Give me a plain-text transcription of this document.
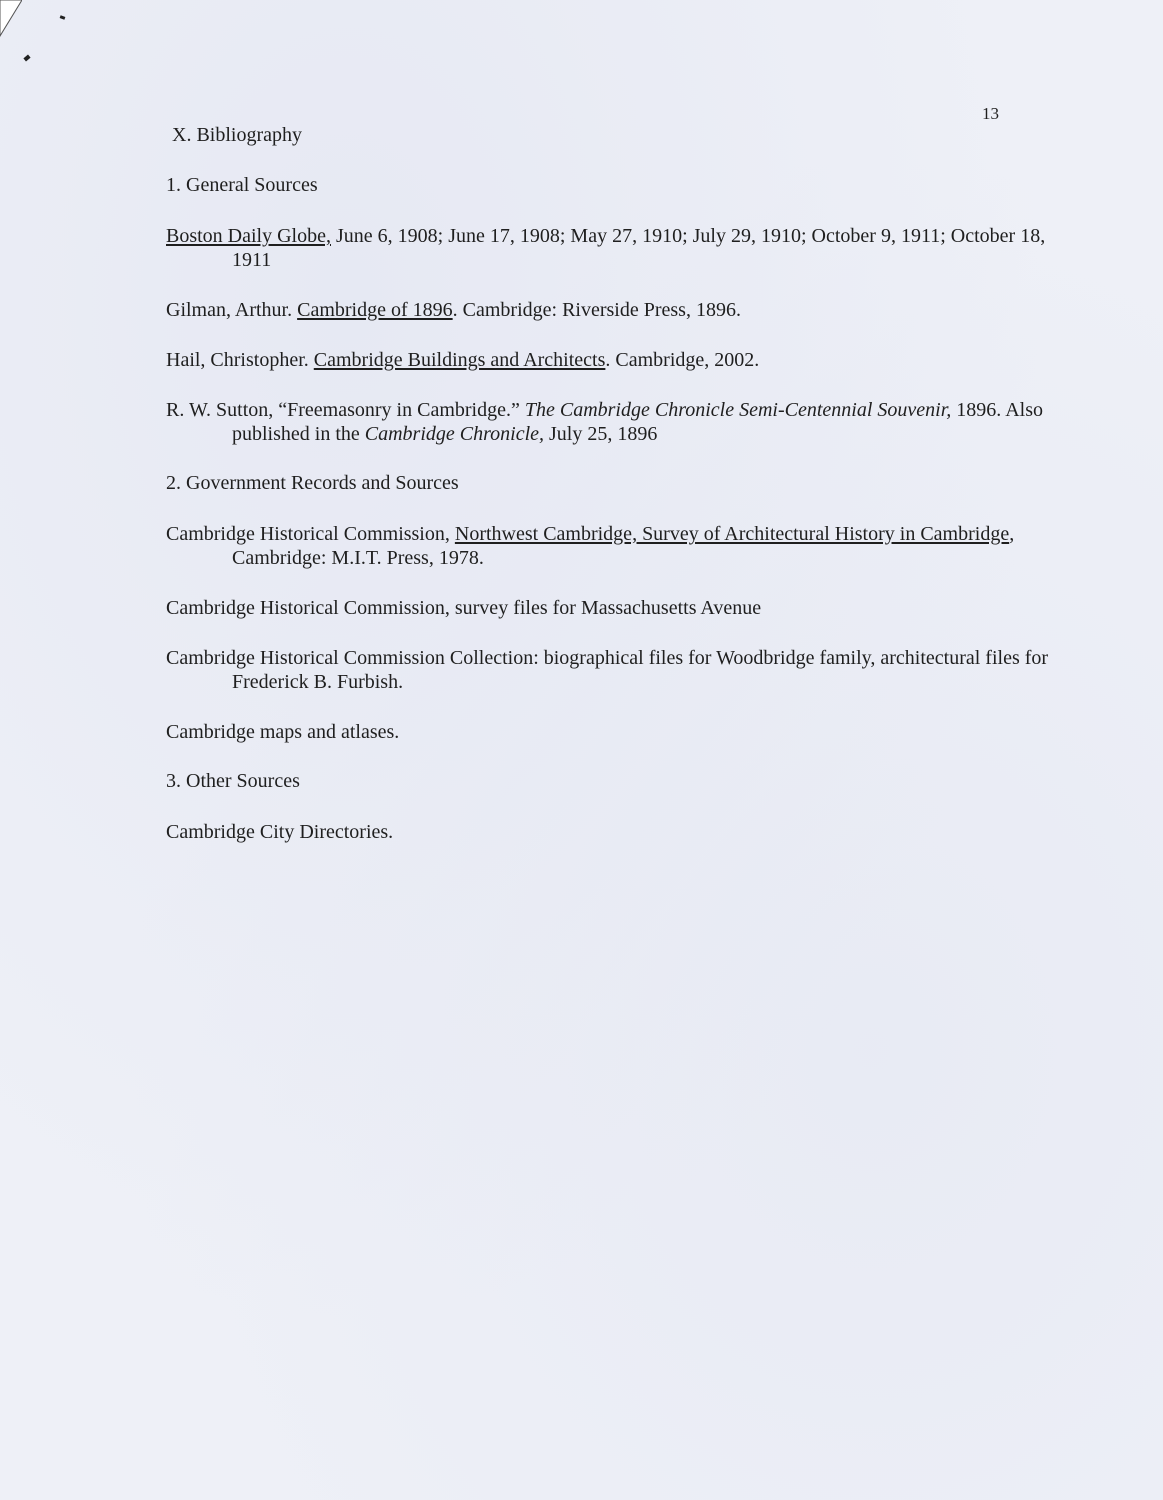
13
X. Bibliography
1. General Sources
Boston Daily Globe, June 6, 1908; June 17, 1908; May 27, 1910; July 29, 1910; October 9, 1911; October 18, 1911
Gilman, Arthur. Cambridge of 1896. Cambridge: Riverside Press, 1896.
Hail, Christopher. Cambridge Buildings and Architects. Cambridge, 2002.
R. W. Sutton, “Freemasonry in Cambridge.” The Cambridge Chronicle Semi-Centennial Souvenir, 1896. Also published in the Cambridge Chronicle, July 25, 1896
2. Government Records and Sources
Cambridge Historical Commission, Northwest Cambridge, Survey of Architectural History in Cambridge, Cambridge: M.I.T. Press, 1978.
Cambridge Historical Commission, survey files for Massachusetts Avenue
Cambridge Historical Commission Collection: biographical files for Woodbridge family, architectural files for Frederick B. Furbish.
Cambridge maps and atlases.
3. Other Sources
Cambridge City Directories.
